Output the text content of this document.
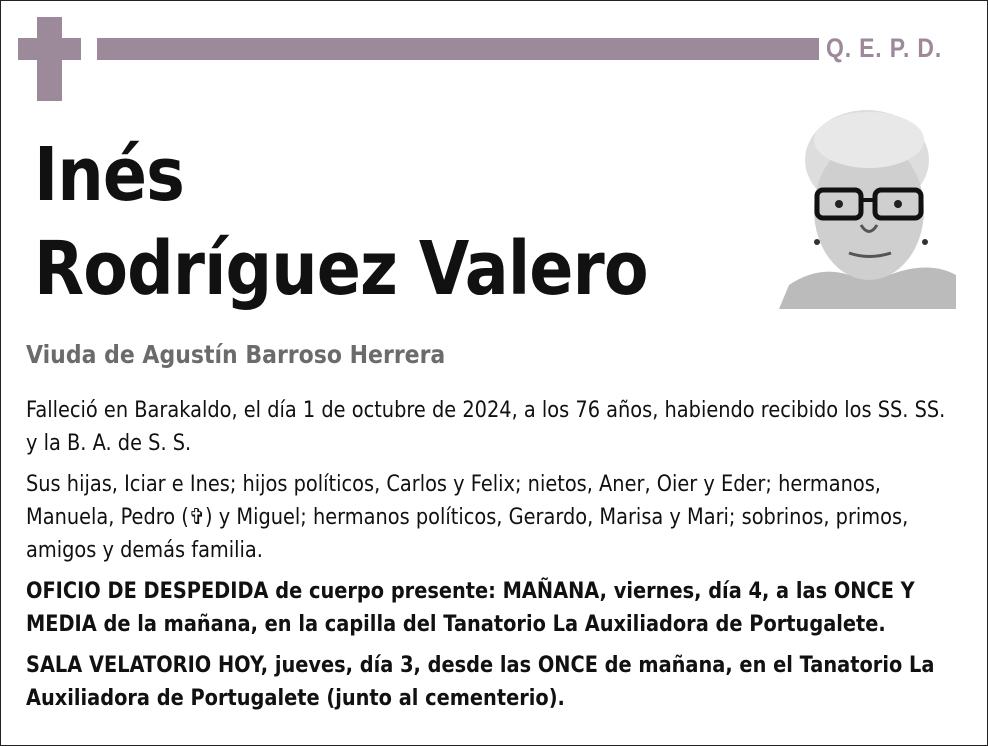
Q. E. P. D.
Inés
Rodríguez Valero
Viuda de Agustín Barroso Herrera

Falleció en Barakaldo, el día 1 de octubre de 2024, a los 76 años, habiendo recibido los SS. SS. y la B. A. de S. S.

Sus hijas, Iciar e Ines; hijos políticos, Carlos y Felix; nietos, Aner, Oier y Eder; hermanos, Manuela, Pedro (✞) y Miguel; hermanos políticos, Gerardo, Marisa y Mari; sobrinos, primos, amigos y demás familia.

OFICIO DE DESPEDIDA de cuerpo presente: MAÑANA, viernes, día 4, a las ONCE Y MEDIA de la mañana, en la capilla del Tanatorio La Auxiliadora de Portugalete.

SALA VELATORIO HOY, jueves, día 3, desde las ONCE de mañana, en el Tanatorio La Auxiliadora de Portugalete (junto al cementerio).
